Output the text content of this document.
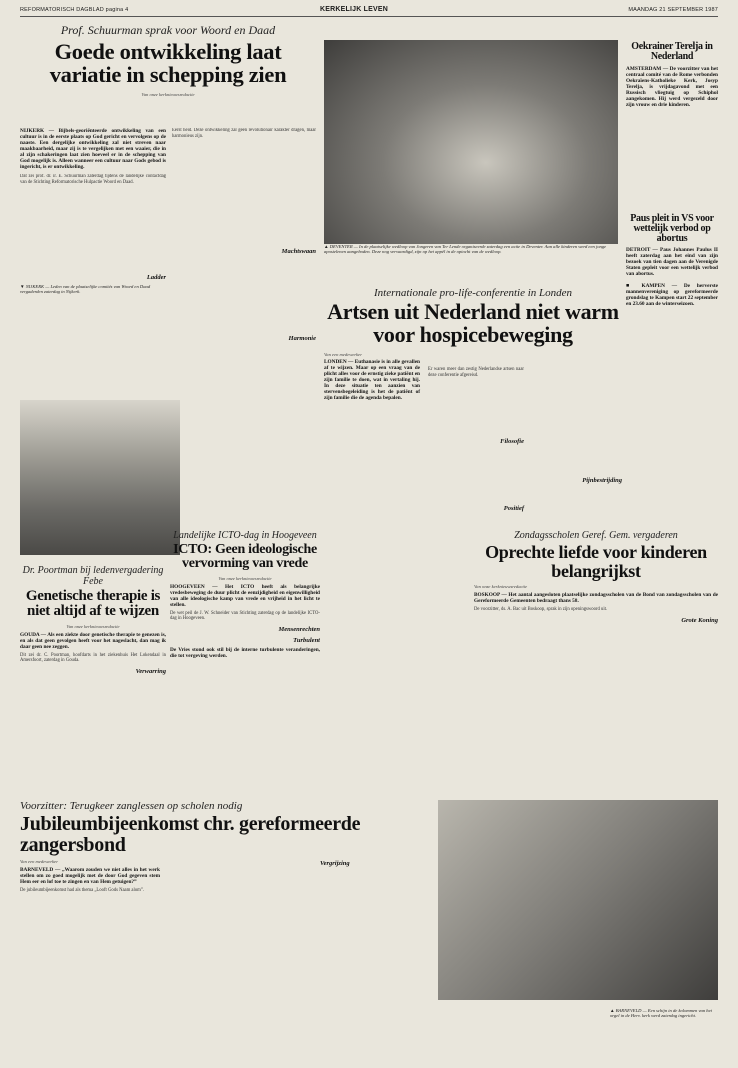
REFORMATORISCH DAGBLAD pagina 4	KERKELIJK LEVEN	MAANDAG 21 SEPTEMBER 1987
Prof. Schuurman sprak voor Woord en Daad
Goede ontwikkeling laat variatie in schepping zien
Van onze kerknieuwsredactie
NIJKERK — Bijbels-georiënteerde ontwikkeling van een cultuur is in de eerste plaats op God gericht en vervolgens op de naaste. Een dergelijke ontwikkeling zal niet streven naar maakbaarheid, maar zij is te vergelijken met een waaier, die in al zijn schakeringen laat zien hoeveel er in de schepping van God mogelijk is. Alleen wanneer een cultuur naar Gods gebod is ingericht, is er ontwikkeling.
Dat zei prof. dr. ir. E. Schuurman zaterdag tijdens de landelijke contactdag van de Stichting Reformatorische Hulpactie Woord en Daad.
Ladder
▼ NIJKERK — Leden van de plaatselijke comités van Woord en Daad vergaderden zaterdag in Nijkerk.
Eerst heid. Deze ontwikkeling zal geen revolutionair karakter dragen, maar harmonieus zijn.
Machtswaan
Harmonie
▲ DEVENTER — In de plaatselijke wedloop van Jongeren van Ter Lende organiseerde zaterdag een actie in Deventer. Aan alle kinderen werd een jonge apostelenen aangeboden. Deze nog vervaardigd, zijn op het appèl in de optocht van de wedloop.
Oekrainer Terelja in Nederland
AMSTERDAM — De voorzitter van het centraal comité van de Rome verbonden Oekraïens-Katholieke Kerk, Josyp Terelja, is vrijdagavond met een Russisch vliegtuig op Schiphol aangekomen. Hij werd vergezeld door zijn vrouw en drie kinderen.
Paus pleit in VS voor wettelijk verbod op abortus
DETROIT — Paus Johannes Paulus II heeft zaterdag aan het eind van zijn bezoek van tien dagen aan de Verenigde Staten gepleit voor een wettelijk verbod van abortus.
■ KAMPEN — De herverste mannenvereniging op gereformeerde grondslag te Kampen start 22 september en 23.60 aan de winterseizoen.
Internationale pro-life-conferentie in Londen
Artsen uit Nederland niet warm voor hospicebeweging
Van een medewerker
LONDEN — Euthanasie is in alle gevallen af te wijzen. Maar op een vraag van de plicht alles voor de ernstig zieke patiënt en zijn familie te doen, wat in vertaling hij. In deze situatie ten aanzien van stervensbegeleiding is het de patiënt of zijn familie die de agenda bepalen.
Er waren meer dan zestig Nederlandse artsen naar deze conferentie afgereisd.
Filosofie
Positief
Pijnbestrijding
Landelijke ICTO-dag in Hoogeveen
ICTO: Geen ideologische vervorming van vrede
Van onze kerknieuwsredactie
HOOGEVEEN — Het ICTO heeft als belangrijke vredesbeweging de duur plicht de eenzijdigheid en eigenwilligheid van alle ideologische kamp van vrede en vrijheid in het licht te stellen.
De wet peil de J. W. Schneider van Stichting zaterdag op de landelijke ICTO-dag in Hoogeveen.
Mensenrechten
Turbulent
De Vries stond ook stil bij de interne turbulente veranderingen, die tot vergeving werden.
Dr. Poortman bij ledenvergadering Febe
Genetische therapie is niet altijd af te wijzen
Van onze kerknieuwsredactie
GOUDA — Als een ziekte door genetische therapie te genezen is, en als dat geen gevolgen heeft voor het nageslacht, dan mag ik daar geen nee zeggen.
Dit zei dr. C. Poortman, hoofdarts in het ziekenhuis Het Lokendaal in Amersfoort, zaterdag in Gouda.
Verwarring
Zondagsscholen Geref. Gem. vergaderen
Oprechte liefde voor kinderen belangrijkst
Van onze kerknieuwsredactie
BOSKOOP — Het aantal aangesloten plaatselijke zondagsscholen van de Bond van zondagsscholen van de Gereformeerde Gemeenten bedraagt thans 58.
De voorzitter, ds. A. Bac uit Boskoop, sprak in zijn openingswoord uit.
Grote Koning
Voorzitter: Terugkeer zanglessen op scholen nodig
Jubileumbijeenkomst chr. gereformeerde zangersbond
Van een medewerker
BARNEVELD — „Waarom zouden we niet alles in het werk stellen om zo goed mogelijk met de door God gegeven stem Hem eer en lof toe te zingen en van Hem getuigen?”
De jubileumbijeenkomst had als thema „Looft Gods Naam alom”.
Vergrijzing
▲ BARNEVELD — Een schijn in de kolommen van het orgel in de Herv. kerk werd zaterdag ingericht.
